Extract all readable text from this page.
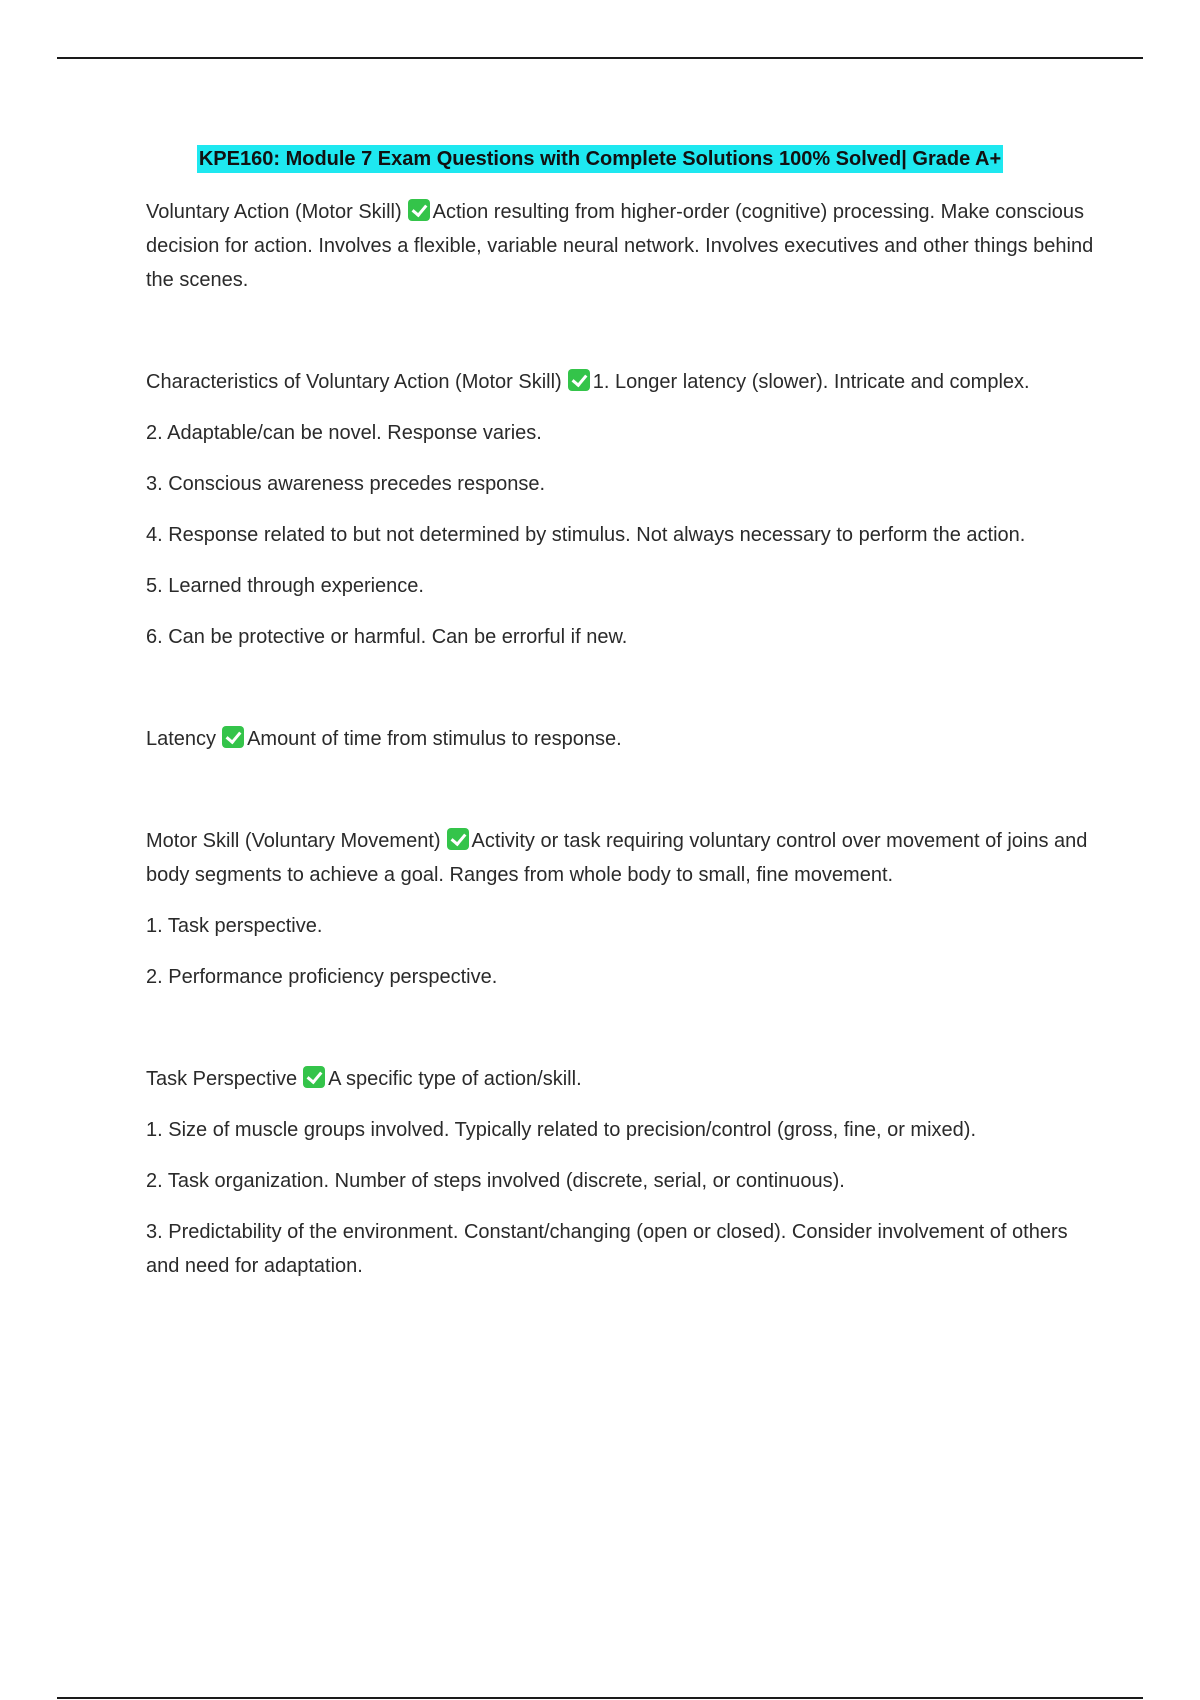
KPE160: Module 7 Exam Questions with Complete Solutions 100% Solved| Grade A+

Voluntary Action (Motor Skill) Action resulting from higher-order (cognitive) processing. Make conscious decision for action. Involves a flexible, variable neural network. Involves executives and other things behind the scenes.

Characteristics of Voluntary Action (Motor Skill) 1. Longer latency (slower). Intricate and complex.

2. Adaptable/can be novel. Response varies.

3. Conscious awareness precedes response.

4. Response related to but not determined by stimulus. Not always necessary to perform the action.

5. Learned through experience.

6. Can be protective or harmful. Can be errorful if new.

Latency Amount of time from stimulus to response.

Motor Skill (Voluntary Movement) Activity or task requiring voluntary control over movement of joins and body segments to achieve a goal. Ranges from whole body to small, fine movement.

1. Task perspective.

2. Performance proficiency perspective.

Task Perspective A specific type of action/skill.

1. Size of muscle groups involved. Typically related to precision/control (gross, fine, or mixed).

2. Task organization. Number of steps involved (discrete, serial, or continuous).

3. Predictability of the environment. Constant/changing (open or closed). Consider involvement of others and need for adaptation.
